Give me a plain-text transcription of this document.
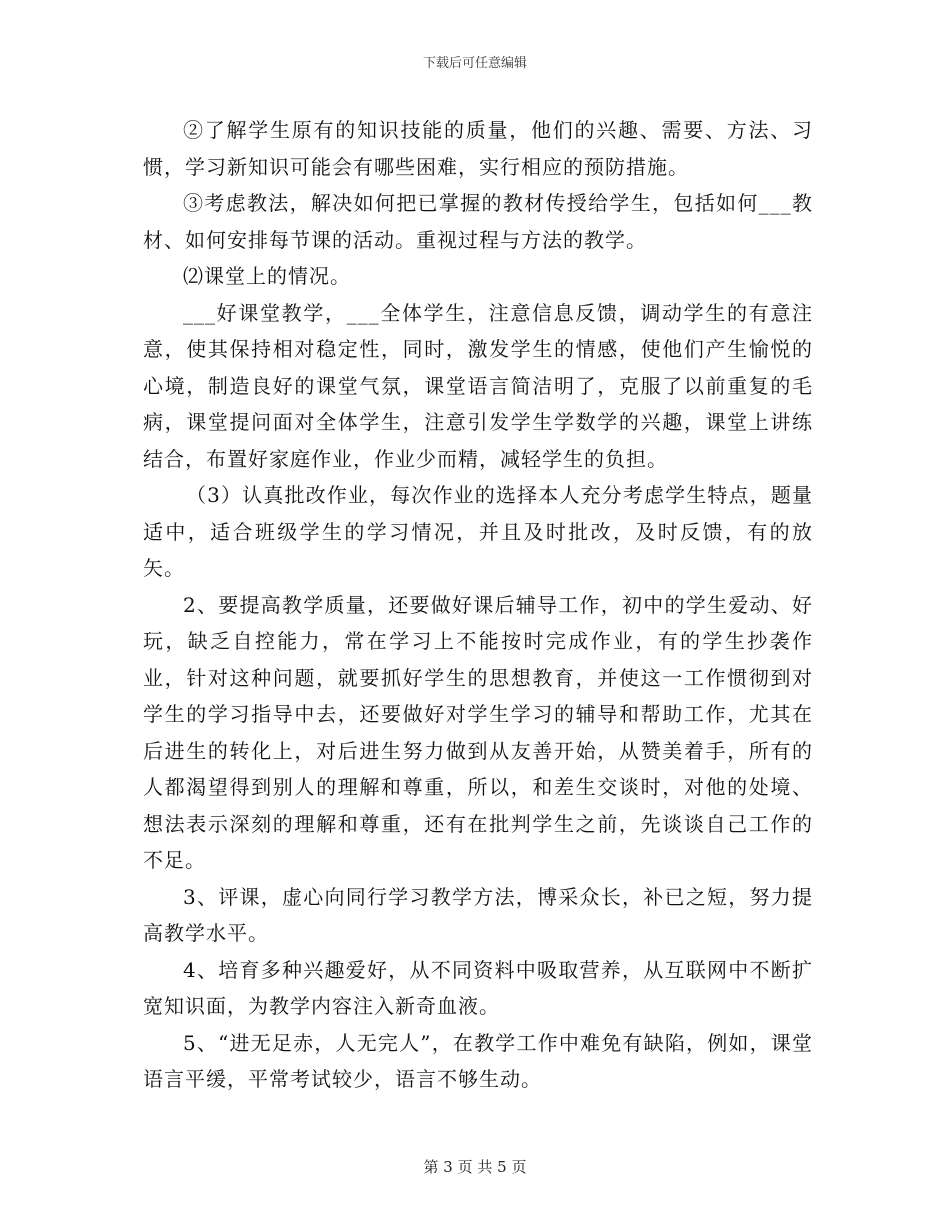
下载后可任意编辑

②了解学生原有的知识技能的质量，他们的兴趣、需要、方法、习惯，学习新知识可能会有哪些困难，实行相应的预防措施。

③考虑教法，解决如何把已掌握的教材传授给学生，包括如何___教材、如何安排每节课的活动。重视过程与方法的教学。

⑵课堂上的情况。

___好课堂教学，___全体学生，注意信息反馈，调动学生的有意注意，使其保持相对稳定性，同时，激发学生的情感，使他们产生愉悦的心境，制造良好的课堂气氛，课堂语言简洁明了，克服了以前重复的毛病，课堂提问面对全体学生，注意引发学生学数学的兴趣，课堂上讲练结合，布置好家庭作业，作业少而精，减轻学生的负担。

（3）认真批改作业，每次作业的选择本人充分考虑学生特点，题量适中，适合班级学生的学习情况，并且及时批改，及时反馈，有的放矢。

2、要提高教学质量，还要做好课后辅导工作，初中的学生爱动、好玩，缺乏自控能力，常在学习上不能按时完成作业，有的学生抄袭作业，针对这种问题，就要抓好学生的思想教育，并使这一工作惯彻到对学生的学习指导中去，还要做好对学生学习的辅导和帮助工作，尤其在后进生的转化上，对后进生努力做到从友善开始，从赞美着手，所有的人都渴望得到别人的理解和尊重，所以，和差生交谈时，对他的处境、想法表示深刻的理解和尊重，还有在批判学生之前，先谈谈自己工作的不足。

3、评课，虚心向同行学习教学方法，博采众长，补已之短，努力提高教学水平。

4、培育多种兴趣爱好，从不同资料中吸取营养，从互联网中不断扩宽知识面，为教学内容注入新奇血液。

5、“进无足赤，人无完人”，在教学工作中难免有缺陷，例如，课堂语言平缓，平常考试较少，语言不够生动。

第 3 页 共 5 页
